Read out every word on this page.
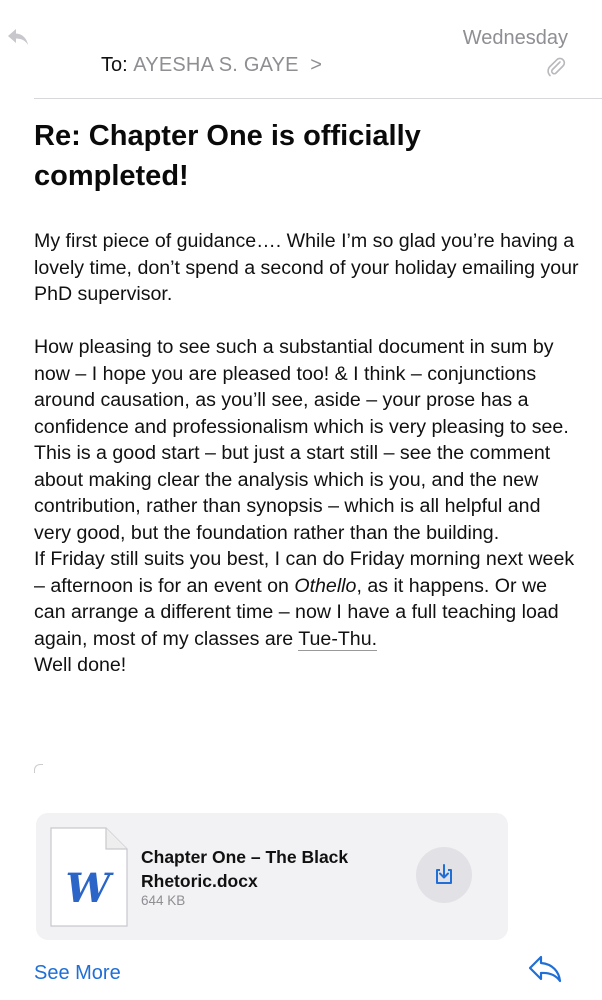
Wednesday
To: AYESHA S. GAYE >
Re: Chapter One is officially completed!

My first piece of guidance…. While I’m so glad you’re having a lovely time, don’t spend a second of your holiday emailing your PhD supervisor.

How pleasing to see such a substantial document in sum by now – I hope you are pleased too! & I think – conjunctions around causation, as you’ll see, aside – your prose has a confidence and professionalism which is very pleasing to see.

This is a good start – but just a start still – see the comment about making clear the analysis which is you, and the new contribution, rather than synopsis – which is all helpful and very good, but the foundation rather than the building.

If Friday still suits you best, I can do Friday morning next week – afternoon is for an event on Othello, as it happens. Or we can arrange a different time – now I have a full teaching load again, most of my classes are Tue-Thu.

Well done!

W
Chapter One – The Black Rhetoric.docx
644 KB
See More
